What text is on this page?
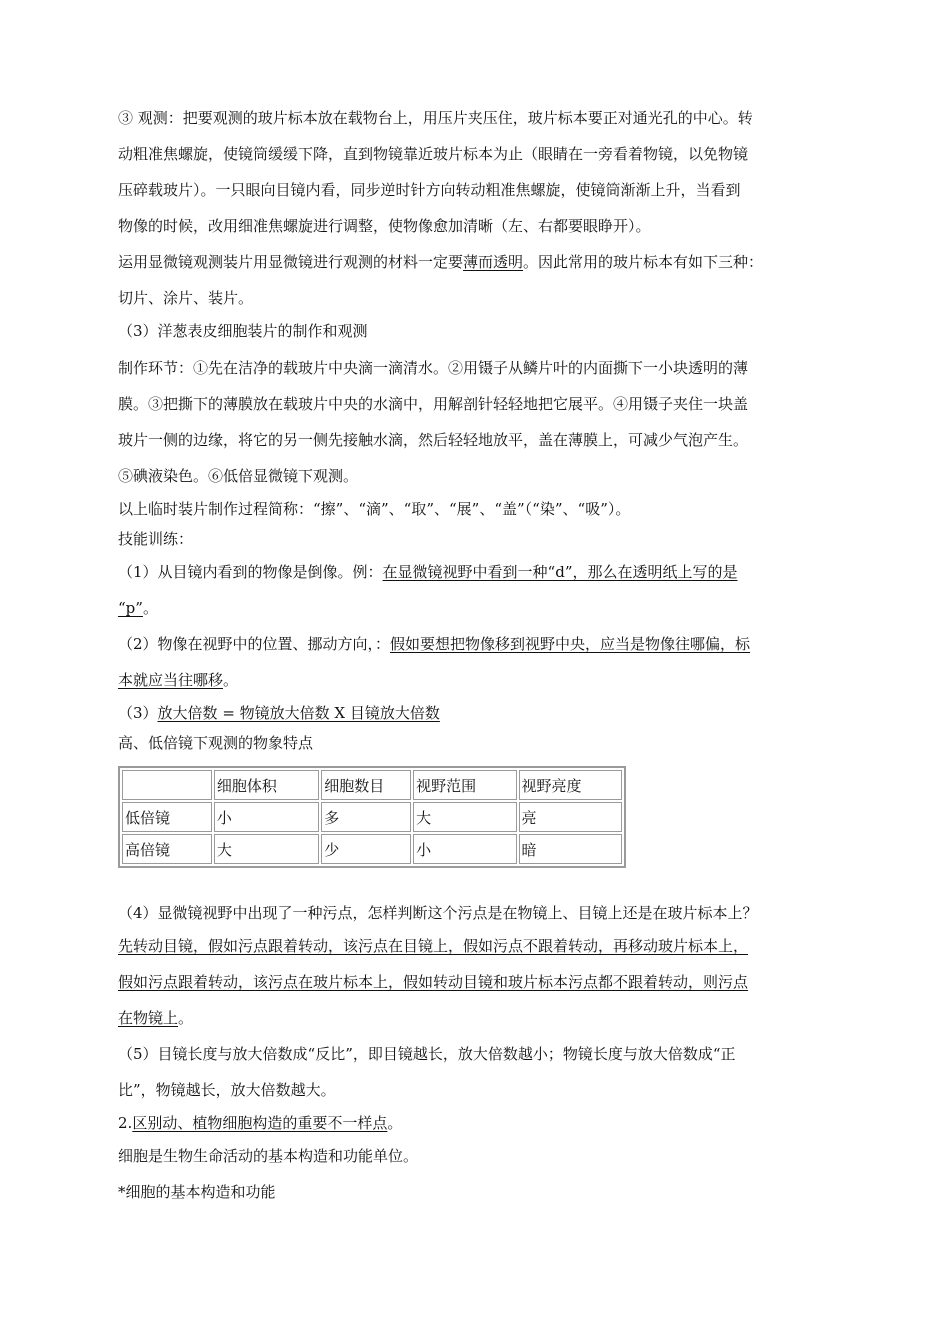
③ 观测：把要观测的玻片标本放在载物台上，用压片夹压住，玻片标本要正对通光孔的中心。转

动粗准焦螺旋，使镜筒缓缓下降，直到物镜靠近玻片标本为止（眼睛在一旁看着物镜，以免物镜

压碎载玻片）。一只眼向目镜内看，同步逆时针方向转动粗准焦螺旋，使镜筒渐渐上升，当看到

物像的时候，改用细准焦螺旋进行调整，使物像愈加清晰（左、右都要眼睁开）。

运用显微镜观测装片用显微镜进行观测的材料一定要薄而透明。因此常用的玻片标本有如下三种：

切片、涂片、装片。

（3）洋葱表皮细胞装片的制作和观测

制作环节：①先在洁净的载玻片中央滴一滴清水。②用镊子从鳞片叶的内面撕下一小块透明的薄

膜。③把撕下的薄膜放在载玻片中央的水滴中，用解剖针轻轻地把它展平。④用镊子夹住一块盖

玻片一侧的边缘，将它的另一侧先接触水滴，然后轻轻地放平，盖在薄膜上，可减少气泡产生。

⑤碘液染色。⑥低倍显微镜下观测。

以上临时装片制作过程简称：“擦”、“滴”、“取”、“展”、“盖”（“染”、“吸”）。

技能训练：

（1）从目镜内看到的物像是倒像。例：在显微镜视野中看到一种“d”，那么在透明纸上写的是

“p”。

（2）物像在视野中的位置、挪动方向，：假如要想把物像移到视野中央，应当是物像往哪偏，标

本就应当往哪移。

（3）放大倍数 = 物镜放大倍数 X 目镜放大倍数

高、低倍镜下观测的物象特点

	细胞体积	细胞数目	视野范围	视野亮度
低倍镜	小	多	大	亮
高倍镜	大	少	小	暗

（4）显微镜视野中出现了一种污点，怎样判断这个污点是在物镜上、目镜上还是在玻片标本上？

先转动目镜，假如污点跟着转动，该污点在目镜上，假如污点不跟着转动，再移动玻片标本上，

假如污点跟着转动，该污点在玻片标本上，假如转动目镜和玻片标本污点都不跟着转动，则污点

在物镜上。

（5）目镜长度与放大倍数成“反比”，即目镜越长，放大倍数越小；物镜长度与放大倍数成“正

比”，物镜越长，放大倍数越大。

2.区别动、植物细胞构造的重要不一样点。

细胞是生物生命活动的基本构造和功能单位。

*细胞的基本构造和功能
